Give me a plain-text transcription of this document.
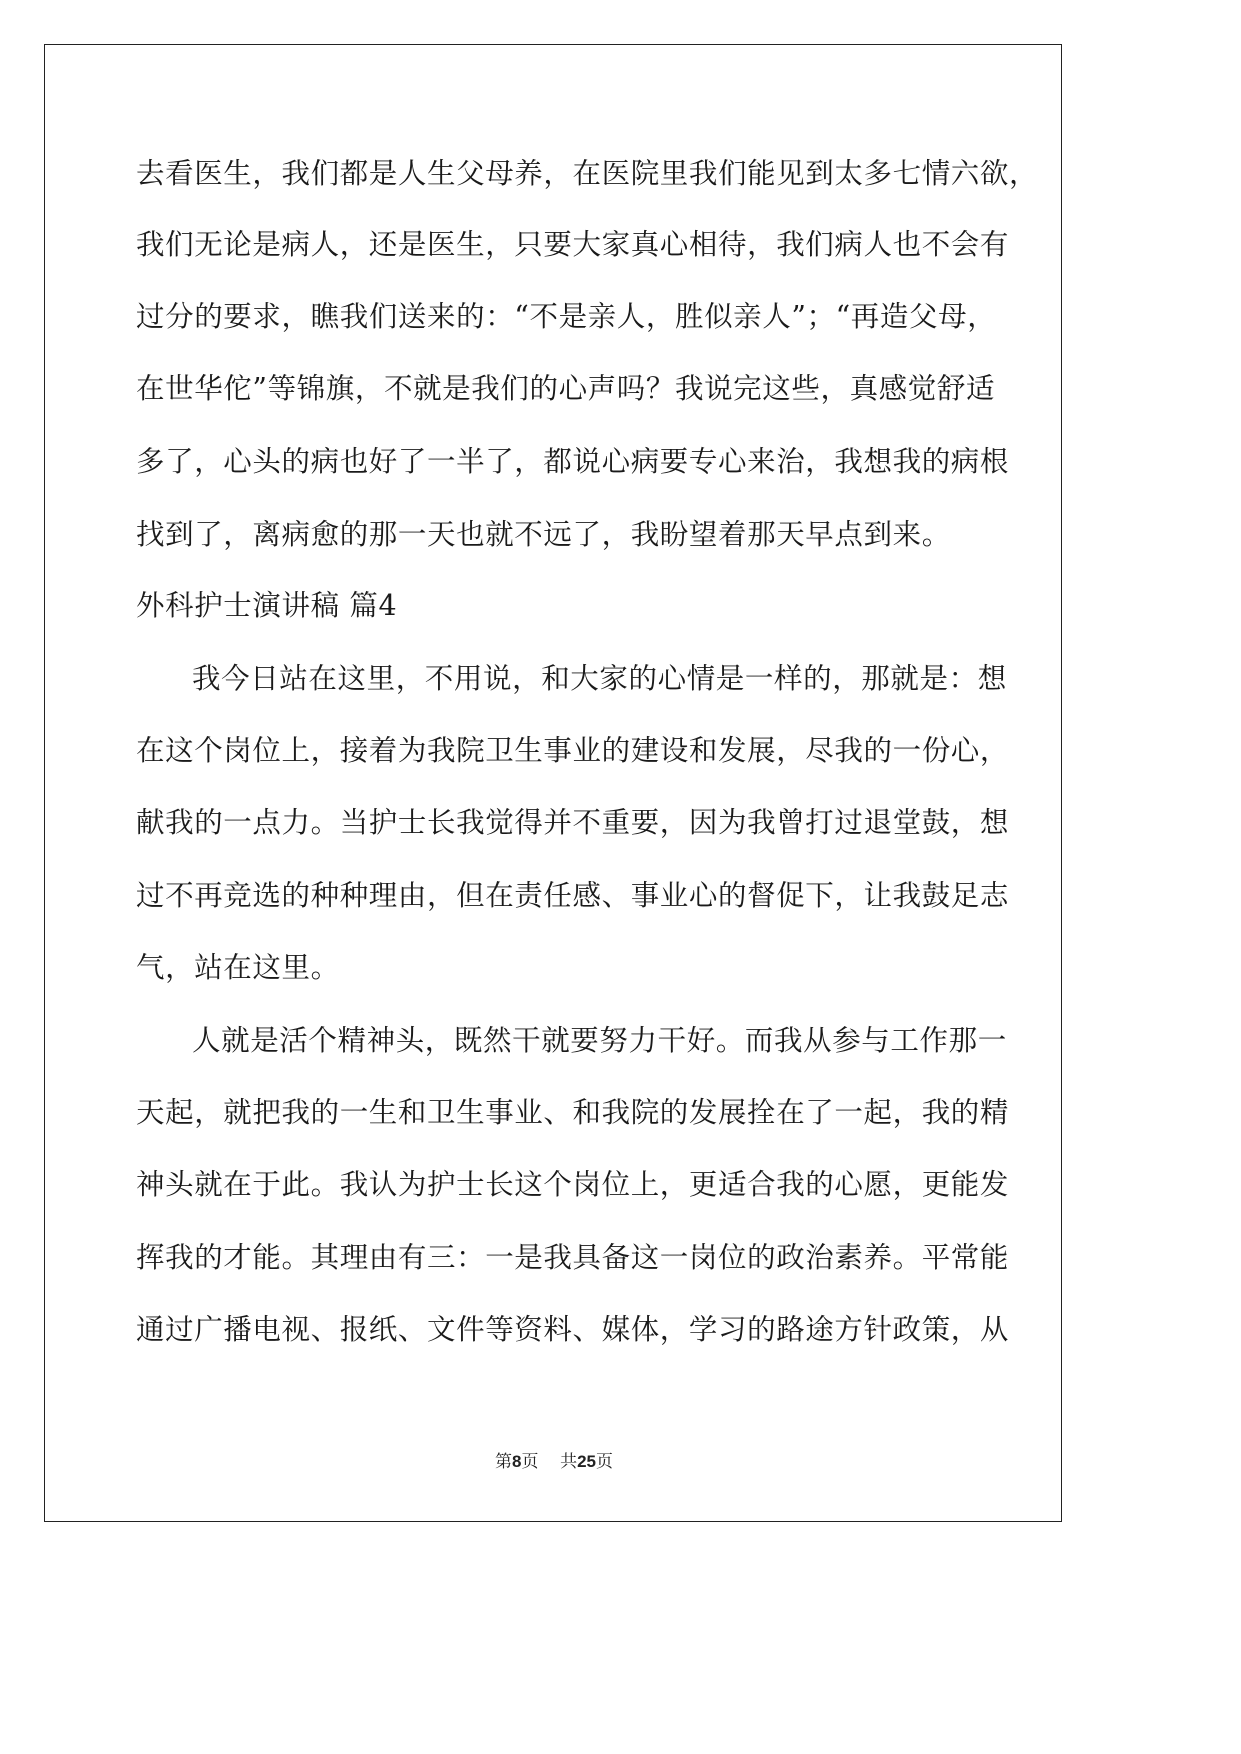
去看医生，我们都是人生父母养，在医院里我们能见到太多七情六欲，
我们无论是病人，还是医生，只要大家真心相待，我们病人也不会有
过分的要求，瞧我们送来的：“不是亲人，胜似亲人”；“再造父母，
在世华佗”等锦旗，不就是我们的心声吗？我说完这些，真感觉舒适
多了，心头的病也好了一半了，都说心病要专心来治，我想我的病根
找到了，离病愈的那一天也就不远了，我盼望着那天早点到来。
外科护士演讲稿 篇4
我今日站在这里，不用说，和大家的心情是一样的，那就是：想
在这个岗位上，接着为我院卫生事业的建设和发展，尽我的一份心，
献我的一点力。当护士长我觉得并不重要，因为我曾打过退堂鼓，想
过不再竞选的种种理由，但在责任感、事业心的督促下，让我鼓足志
气，站在这里。
人就是活个精神头，既然干就要努力干好。而我从参与工作那一
天起，就把我的一生和卫生事业、和我院的发展拴在了一起，我的精
神头就在于此。我认为护士长这个岗位上，更适合我的心愿，更能发
挥我的才能。其理由有三：一是我具备这一岗位的政治素养。平常能
通过广播电视、报纸、文件等资料、媒体，学习的路途方针政策，从
第8页 共25页
